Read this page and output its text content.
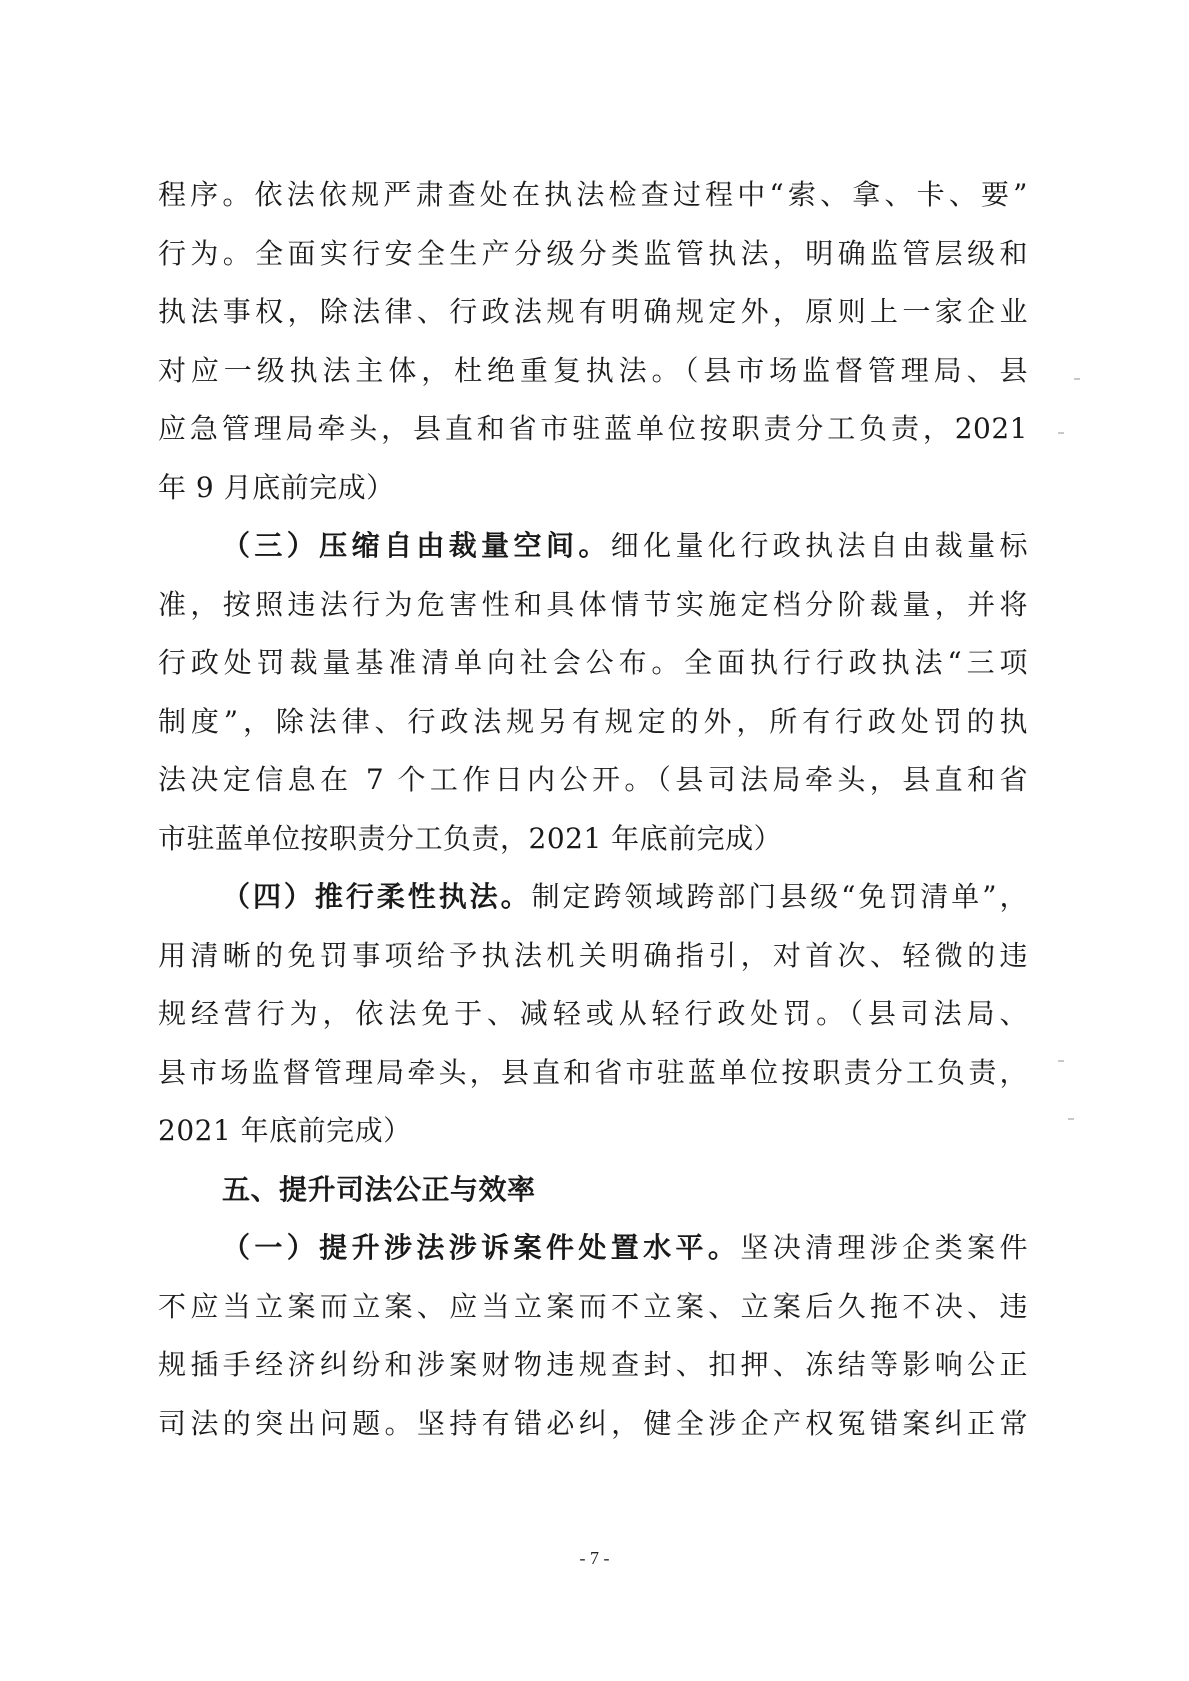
程序。依法依规严肃查处在执法检查过程中“索、拿、卡、要”
行为。全面实行安全生产分级分类监管执法，明确监管层级和
执法事权，除法律、行政法规有明确规定外，原则上一家企业
对应一级执法主体，杜绝重复执法。（县市场监督管理局、县
应急管理局牵头，县直和省市驻蓝单位按职责分工负责，2021
年 9 月底前完成）
（三）压缩自由裁量空间。细化量化行政执法自由裁量标
准，按照违法行为危害性和具体情节实施定档分阶裁量，并将
行政处罚裁量基准清单向社会公布。全面执行行政执法“三项
制度”，除法律、行政法规另有规定的外，所有行政处罚的执
法决定信息在 7 个工作日内公开。（县司法局牵头，县直和省
市驻蓝单位按职责分工负责，2021 年底前完成）
（四）推行柔性执法。制定跨领域跨部门县级“免罚清单”，
用清晰的免罚事项给予执法机关明确指引，对首次、轻微的违
规经营行为，依法免于、减轻或从轻行政处罚。（县司法局、
县市场监督管理局牵头，县直和省市驻蓝单位按职责分工负责，
2021 年底前完成）
五、提升司法公正与效率
（一）提升涉法涉诉案件处置水平。坚决清理涉企类案件
不应当立案而立案、应当立案而不立案、立案后久拖不决、违
规插手经济纠纷和涉案财物违规查封、扣押、冻结等影响公正
司法的突出问题。坚持有错必纠，健全涉企产权冤错案纠正常
- 7 -
